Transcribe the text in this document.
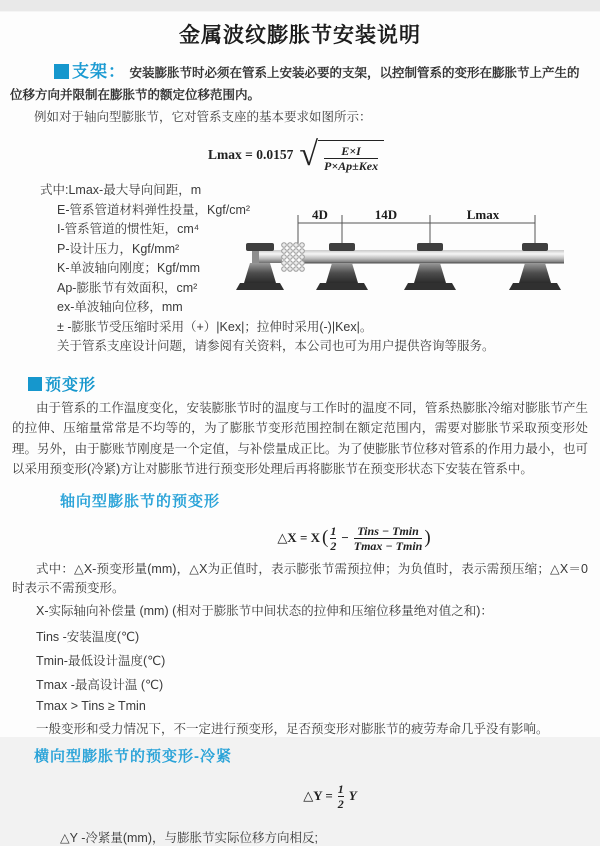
金属波纹膨胀节安装说明

支架： 安装膨胀节时必须在管系上安装必要的支架，以控制管系的变形在膨胀节上产生的位移方向并限制在膨胀节的额定位移范围内。

例如对于轴向型膨胀节，它对管系支座的基本要求如图所示：

Lmax = 0.0157 √ $\frac{E\times I}{\text{P×Ap±Kex}}$
式中:Lmax-最大导向间距，m
E-管系管道材料弹性投量，Kgf/cm²
I-管系管道的惯性矩，cm⁴
P-设计压力，Kgf/mm²
K-单波轴向刚度；Kgf/mm
Ap-膨胀节有效面积，cm²
ex-单波轴向位移，mm
± -膨胀节受压缩时采用（+）|Kex|；拉伸时采用(-)|Kex|。
关于管系支座设计问题，请参阅有关资料，本公司也可为用户提供咨询等服务。
4D	14D	Lmax
预变形

由于管系的工作温度变化，安装膨胀节时的温度与工作时的温度不同，管系热膨胀冷缩对膨胀节产生的拉伸、压缩量常常是不均等的，为了膨胀节变形范围控制在额定范围内，需要对膨胀节采取预变形处理。另外，由于膨账节刚度是一个定值，与补偿量成正比。为了使膨胀节位移对管系的作用力最小，也可以采用预变形(冷紧)方让对膨胀节进行预变形处理后再将膨胀节在预变形状态下安装在管系中。

轴向型膨胀节的预变形
△X = X ( $\frac{1}{2} - \frac{\text{Tins − Tmin}}{Tmax - Tmin}$ )

式中：△X-预变形量(mm)，△X为正值时，表示膨张节需预拉伸；为负值时，表示需预压缩；△X＝0时表示不需预变形。

X-实际轴向补偿量 (mm) (相对于膨胀节中间状态的拉伸和压缩位移量绝对值之和)：
Tins -安装温度(℃)
Tmin-最低设计温度(℃)
Tmax -最高设计温 (℃)
Tmax > Tins ≥ Tmin
一般变形和受力情况下，不一定进行预变形，足否预变形对膨胀节的疲劳寿命几乎没有影响。
横向型膨胀节的预变形-冷紧
△Y = $\frac{1}{2}$ Y
△Y -冷紧量(mm)，与膨胀节实际位移方向相反;
